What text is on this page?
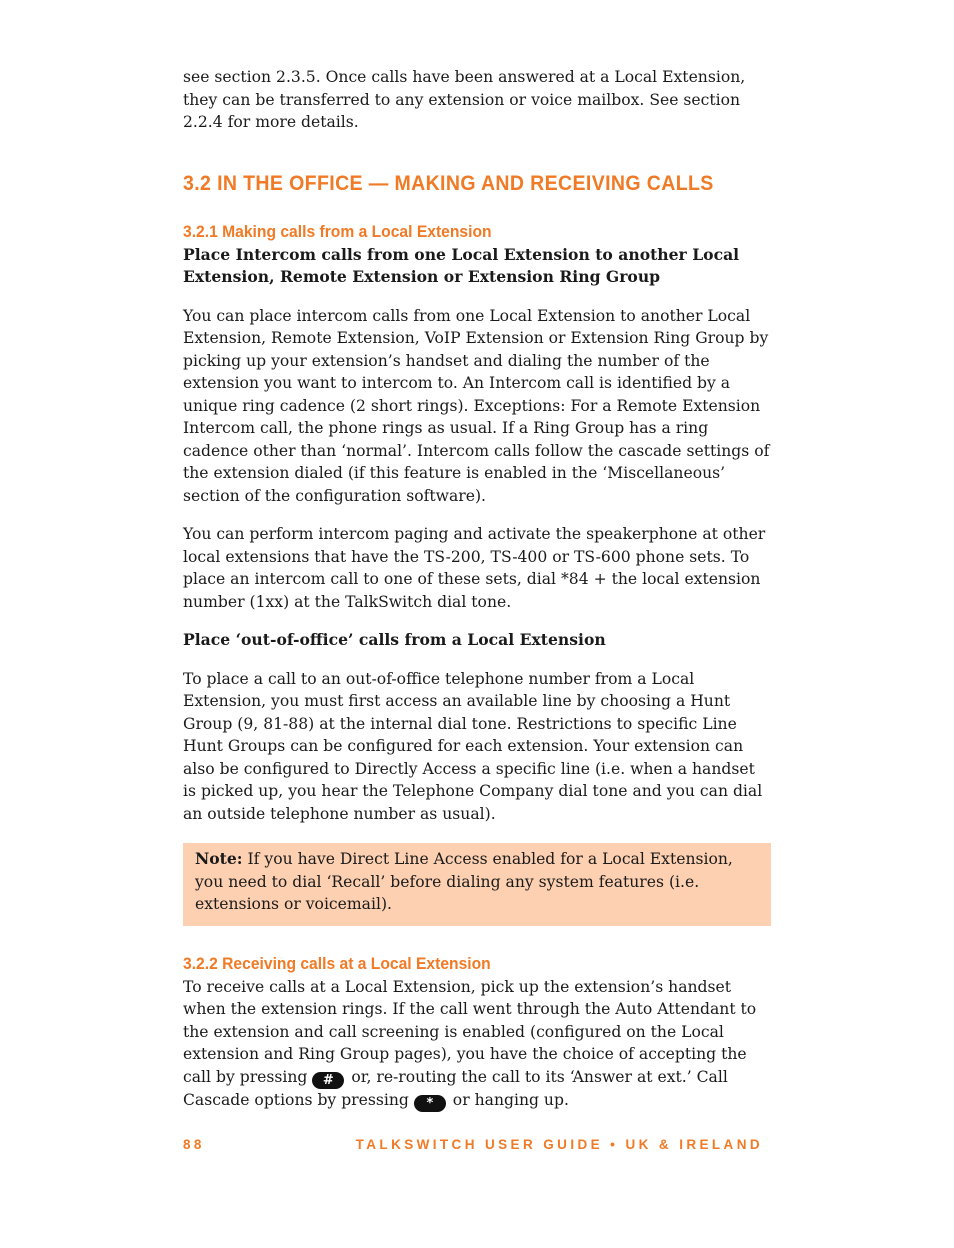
see section 2.3.5. Once calls have been answered at a Local Extension, they can be transferred to any extension or voice mailbox. See section 2.2.4 for more details.

3.2 IN THE OFFICE — MAKING AND RECEIVING CALLS
3.2.1 Making calls from a Local Extension

Place Intercom calls from one Local Extension to another Local Extension, Remote Extension or Extension Ring Group

You can place intercom calls from one Local Extension to another Local Extension, Remote Extension, VoIP Extension or Extension Ring Group by picking up your extension’s handset and dialing the number of the extension you want to intercom to. An Intercom call is identified by a unique ring cadence (2 short rings). Exceptions: For a Remote Extension Intercom call, the phone rings as usual. If a Ring Group has a ring cadence other than ‘normal’. Intercom calls follow the cascade settings of the extension dialed (if this feature is enabled in the ‘Miscellaneous’ section of the configuration software).

You can perform intercom paging and activate the speakerphone at other local extensions that have the TS-200, TS-400 or TS-600 phone sets. To place an intercom call to one of these sets, dial *84 + the local extension number (1xx) at the TalkSwitch dial tone.

Place ‘out-of-office’ calls from a Local Extension

To place a call to an out-of-office telephone number from a Local Extension, you must first access an available line by choosing a Hunt Group (9, 81-88) at the internal dial tone. Restrictions to specific Line Hunt Groups can be configured for each extension. Your extension can also be configured to Directly Access a specific line (i.e. when a handset is picked up, you hear the Telephone Company dial tone and you can dial an outside telephone number as usual).

Note: If you have Direct Line Access enabled for a Local Extension, you need to dial ‘Recall’ before dialing any system features (i.e. extensions or voicemail).

3.2.2 Receiving calls at a Local Extension

To receive calls at a Local Extension, pick up the extension’s handset when the extension rings. If the call went through the Auto Attendant to the extension and call screening is enabled (configured on the Local extension and Ring Group pages), you have the choice of accepting the call by pressing # or, re-routing the call to its ‘Answer at ext.’ Call Cascade options by pressing * or hanging up.

88	TALKSWITCH USER GUIDE • UK & IRELAND
